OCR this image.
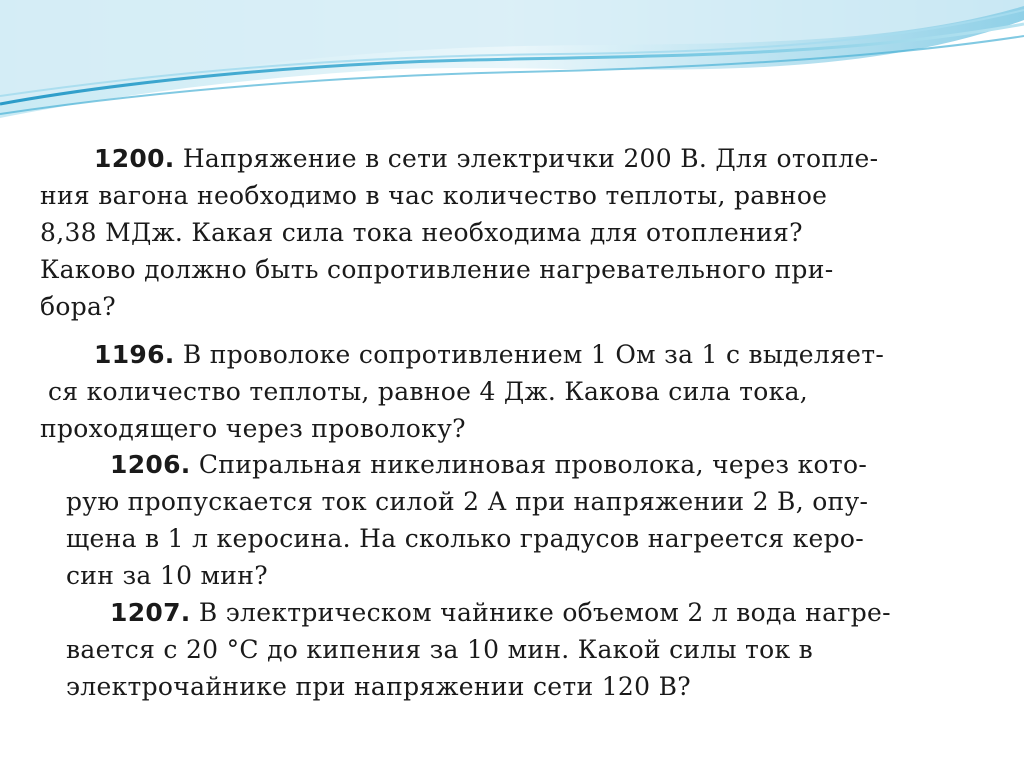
1200. Напряжение в сети электрички 200 В. Для отопле-
ния вагона необходимо в час количество теплоты, равное
8,38 МДж. Какая сила тока необходима для отопления?
Каково должно быть сопротивление нагревательного при-
бора?
1196. В проволоке сопротивлением 1 Ом за 1 с выделяет-
ся количество теплоты, равное 4 Дж. Какова сила тока,
проходящего через проволоку?
1206. Спиральная никелиновая проволока, через кото-
рую пропускается ток силой 2 А при напряжении 2 В, опу-
щена в 1 л керосина. На сколько градусов нагреется керо-
син за 10 мин?
1207. В электрическом чайнике объемом 2 л вода нагре-
вается с 20 °С до кипения за 10 мин. Какой силы ток в
электрочайнике при напряжении сети 120 В?
